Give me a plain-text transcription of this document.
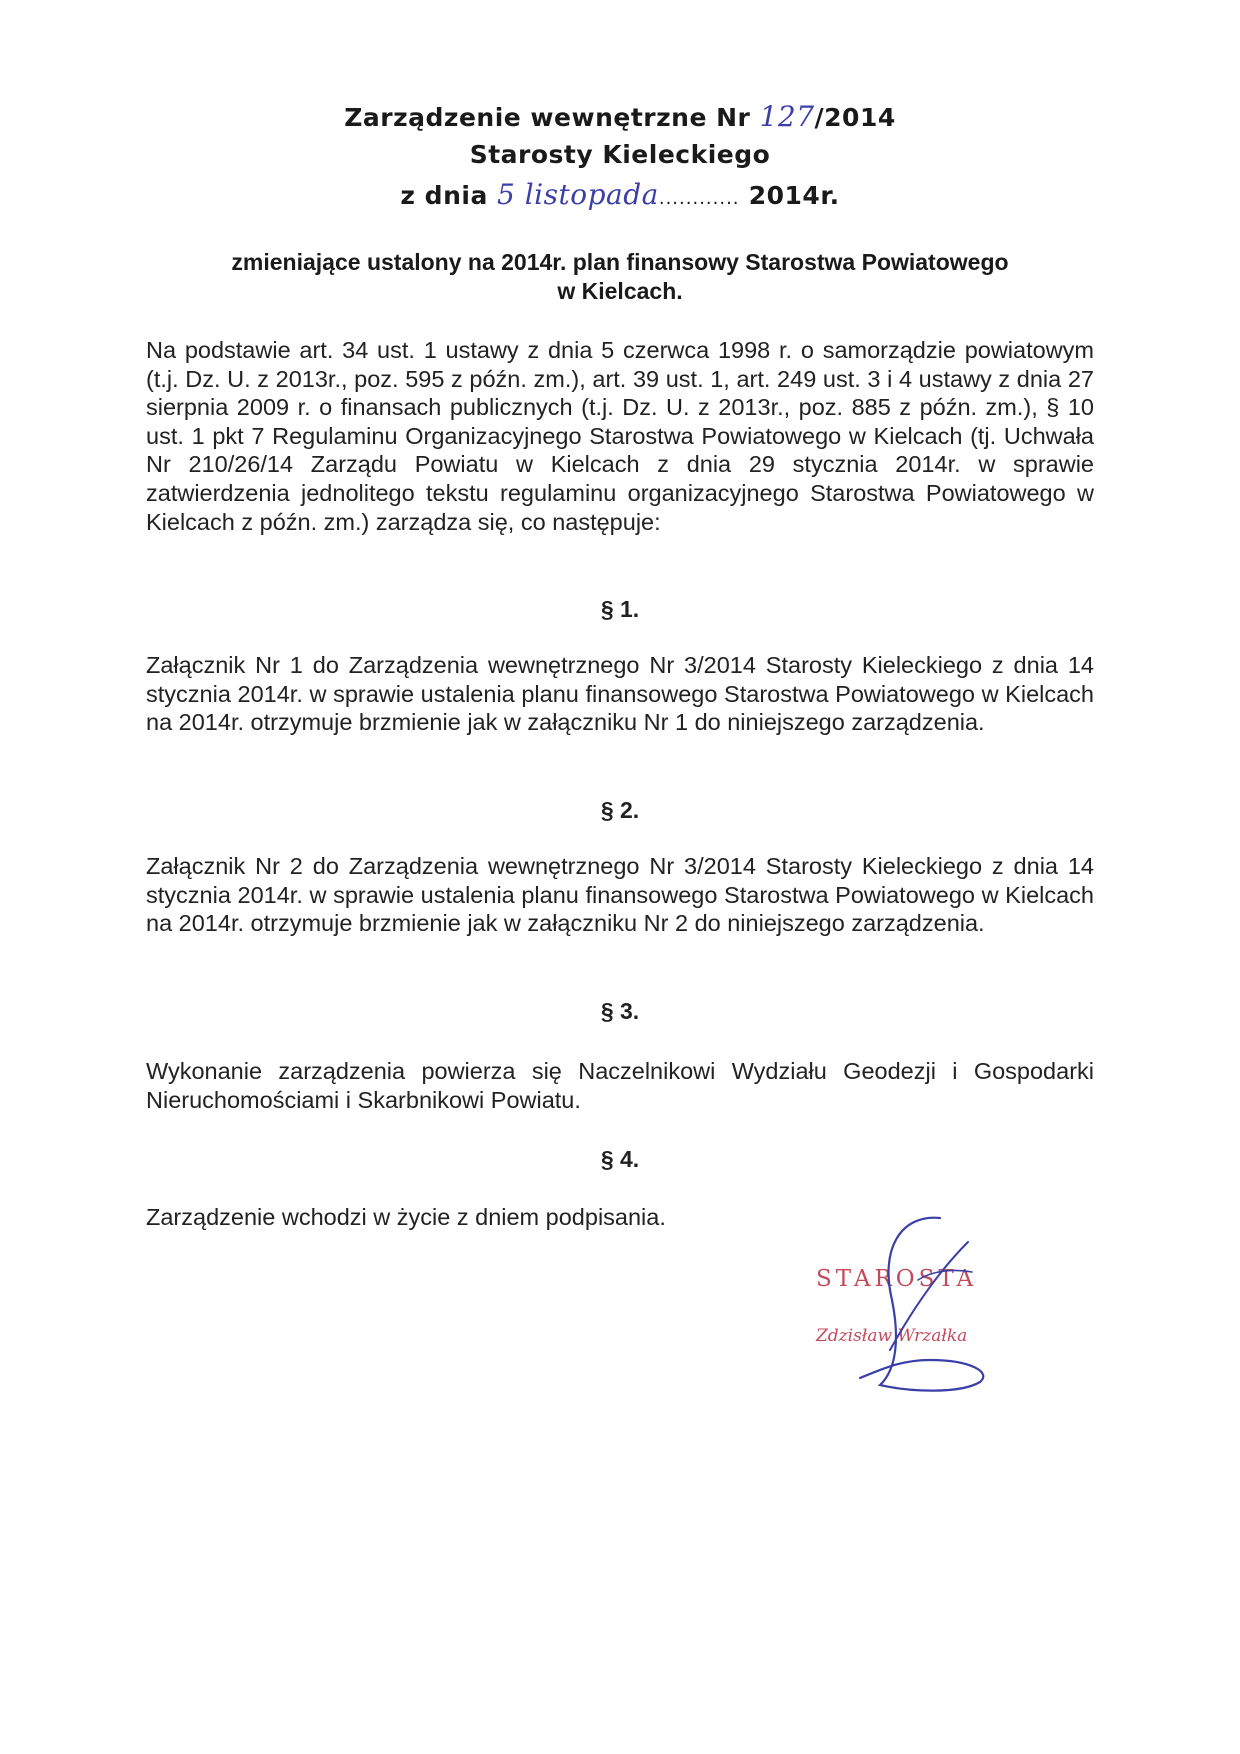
Zarządzenie wewnętrzne Nr 127/2014
Starosty Kieleckiego
z dnia 5 listopada............ 2014r.
zmieniające ustalony na 2014r. plan finansowy Starostwa Powiatowego
w Kielcach.
Na podstawie art. 34 ust. 1 ustawy z dnia 5 czerwca 1998 r. o samorządzie powiatowym (t.j. Dz. U. z 2013r., poz. 595 z późn. zm.), art. 39 ust. 1, art. 249 ust. 3 i 4 ustawy z dnia 27 sierpnia 2009 r. o finansach publicznych (t.j. Dz. U. z 2013r., poz. 885 z późn. zm.), § 10 ust. 1 pkt 7 Regulaminu Organizacyjnego Starostwa Powiatowego w Kielcach (tj. Uchwała Nr 210/26/14 Zarządu Powiatu w Kielcach z dnia 29 stycznia 2014r. w sprawie zatwierdzenia jednolitego tekstu regulaminu organizacyjnego Starostwa Powiatowego w Kielcach z późn. zm.) zarządza się, co następuje:
§ 1.
Załącznik Nr 1 do Zarządzenia wewnętrznego Nr 3/2014 Starosty Kieleckiego z dnia 14 stycznia 2014r. w sprawie ustalenia planu finansowego Starostwa Powiatowego w Kielcach na 2014r. otrzymuje brzmienie jak w załączniku Nr 1 do niniejszego zarządzenia.
§ 2.
Załącznik Nr 2 do Zarządzenia wewnętrznego Nr 3/2014 Starosty Kieleckiego z dnia 14 stycznia 2014r. w sprawie ustalenia planu finansowego Starostwa Powiatowego w Kielcach na 2014r. otrzymuje brzmienie jak w załączniku Nr 2 do niniejszego zarządzenia.
§ 3.
Wykonanie zarządzenia powierza się Naczelnikowi Wydziału Geodezji i Gospodarki Nieruchomościami i Skarbnikowi Powiatu.
§ 4.
Zarządzenie wchodzi w życie z dniem podpisania.
STAROSTA
Zdzisław Wrzałka
